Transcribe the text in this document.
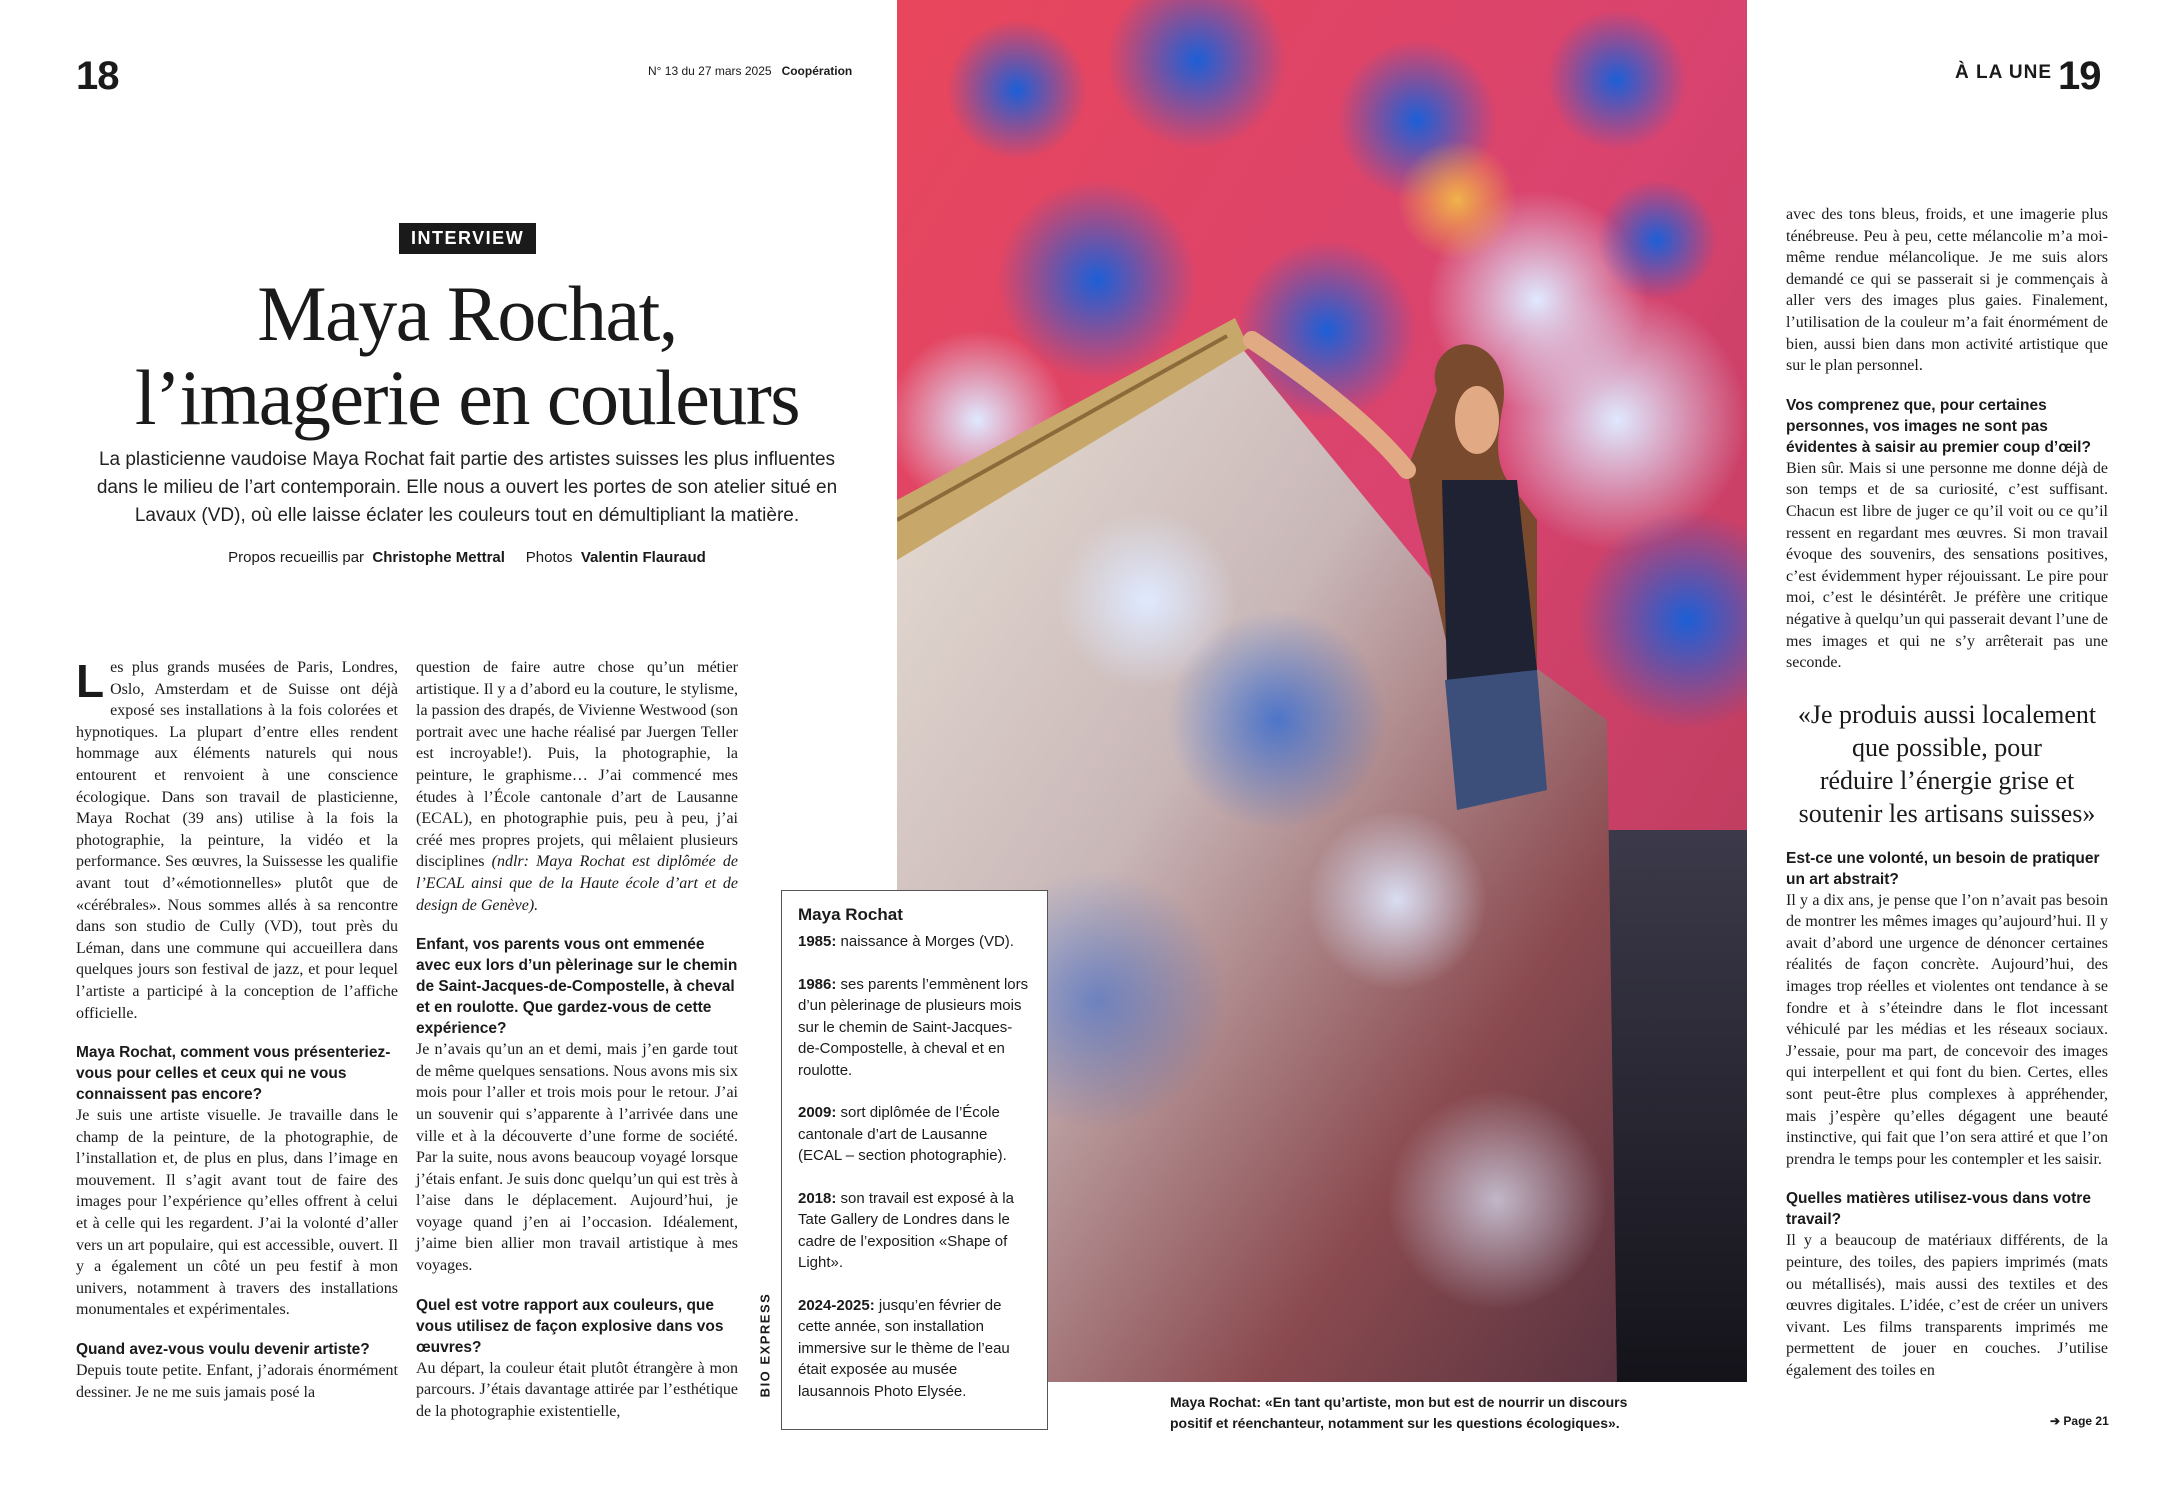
18	N° 13 du 27 mars 2025 Coopération	À LA UNE 19
INTERVIEW
Maya Rochat,
l’imagerie en couleurs
La plasticienne vaudoise Maya Rochat fait partie des artistes suisses les plus influentes
dans le milieu de l’art contemporain. Elle nous a ouvert les portes de son atelier situé en
Lavaux (VD), où elle laisse éclater les couleurs tout en démultipliant la matière.
Propos recueillis par Christophe Mettral Photos Valentin Flauraud

Les plus grands musées de Paris, Londres, Oslo, Amsterdam et de Suisse ont déjà exposé ses installations à la fois colorées et hypnotiques. La plupart d’entre elles rendent hommage aux éléments naturels qui nous entourent et renvoient à une conscience écologique. Dans son travail de plasticienne, Maya Rochat (39 ans) utilise à la fois la photographie, la peinture, la vidéo et la performance. Ses œuvres, la Suissesse les qualifie avant tout d’«émotionnelles» plutôt que de «cérébrales». Nous sommes allés à sa rencontre dans son studio de Cully (VD), tout près du Léman, dans une commune qui accueillera dans quelques jours son festival de jazz, et pour lequel l’artiste a participé à la conception de l’affiche officielle.

Maya Rochat, comment vous présenteriez-vous pour celles et ceux qui ne vous connaissent pas encore?

Je suis une artiste visuelle. Je travaille dans le champ de la peinture, de la photographie, de l’installation et, de plus en plus, dans l’image en mouvement. Il s’agit avant tout de faire des images pour l’expérience qu’elles offrent à celui et à celle qui les regardent. J’ai la volonté d’aller vers un art populaire, qui est accessible, ouvert. Il y a également un côté un peu festif à mon univers, notamment à travers des installations monumentales et expérimentales.

Quand avez-vous voulu devenir artiste?

Depuis toute petite. Enfant, j’adorais énormément dessiner. Je ne me suis jamais posé la

question de faire autre chose qu’un métier artistique. Il y a d’abord eu la couture, le stylisme, la passion des drapés, de Vivienne Westwood (son portrait avec une hache réalisé par Juergen Teller est incroyable!). Puis, la photographie, la peinture, le graphisme… J’ai commencé mes études à l’École cantonale d’art de Lausanne (ECAL), en photographie puis, peu à peu, j’ai créé mes propres projets, qui mêlaient plusieurs disciplines (ndlr: Maya Rochat est diplômée de l’ECAL ainsi que de la Haute école d’art et de design de Genève).

Enfant, vos parents vous ont emmenée avec eux lors d’un pèlerinage sur le chemin de Saint-Jacques-de-Compostelle, à cheval et en roulotte. Que gardez-vous de cette expérience?

Je n’avais qu’un an et demi, mais j’en garde tout de même quelques sensations. Nous avons mis six mois pour l’aller et trois mois pour le retour. J’ai un souvenir qui s’apparente à l’arrivée dans une ville et à la découverte d’une forme de société. Par la suite, nous avons beaucoup voyagé lorsque j’étais enfant. Je suis donc quelqu’un qui est très à l’aise dans le déplacement. Aujourd’hui, je voyage quand j’en ai l’occasion. Idéalement, j’aime bien allier mon travail artistique à mes voyages.

Quel est votre rapport aux couleurs, que vous utilisez de façon explosive dans vos œuvres?

Au départ, la couleur était plutôt étrangère à mon parcours. J’étais davantage attirée par l’esthétique de la photographie existentielle,

Maya Rochat: «En tant qu’artiste, mon but est de nourrir un discours
positif et réenchanteur, notamment sur les questions écologiques».
BIO EXPRESS
Maya Rochat
1985: naissance à Morges (VD).
1986: ses parents l’emmènent lors d’un pèlerinage de plusieurs mois sur le chemin de Saint-Jacques-de-Compostelle, à cheval et en roulotte.
2009: sort diplômée de l’École cantonale d’art de Lausanne (ECAL – section photographie).
2018: son travail est exposé à la Tate Gallery de Londres dans le cadre de l’exposition «Shape of Light».
2024-2025: jusqu’en février de cette année, son installation immersive sur le thème de l’eau était exposée au musée lausannois Photo Elysée.

avec des tons bleus, froids, et une imagerie plus ténébreuse. Peu à peu, cette mélancolie m’a moi-même rendue mélancolique. Je me suis alors demandé ce qui se passerait si je commençais à aller vers des images plus gaies. Finalement, l’utilisation de la couleur m’a fait énormément de bien, aussi bien dans mon activité artistique que sur le plan personnel.

Vos comprenez que, pour certaines personnes, vos images ne sont pas évidentes à saisir au premier coup d’œil?

Bien sûr. Mais si une personne me donne déjà de son temps et de sa curiosité, c’est suffisant. Chacun est libre de juger ce qu’il voit ou ce qu’il ressent en regardant mes œuvres. Si mon travail évoque des souvenirs, des sensations positives, c’est évidemment hyper réjouissant. Le pire pour moi, c’est le désintérêt. Je préfère une critique négative à quelqu’un qui passerait devant l’une de mes images et qui ne s’y arrêterait pas une seconde.

«Je produis aussi localement
que possible, pour
réduire l’énergie grise et
soutenir les artisans suisses»

Est-ce une volonté, un besoin de pratiquer un art abstrait?

Il y a dix ans, je pense que l’on n’avait pas besoin de montrer les mêmes images qu’aujourd’hui. Il y avait d’abord une urgence de dénoncer certaines réalités de façon concrète. Aujourd’hui, des images trop réelles et violentes ont tendance à se fondre et à s’éteindre dans le flot incessant véhiculé par les médias et les réseaux sociaux. J’essaie, pour ma part, de concevoir des images qui interpellent et qui font du bien. Certes, elles sont peut-être plus complexes à appréhender, mais j’espère qu’elles dégagent une beauté instinctive, qui fait que l’on sera attiré et que l’on prendra le temps pour les contempler et les saisir.

Quelles matières utilisez-vous dans votre travail?

Il y a beaucoup de matériaux différents, de la peinture, des toiles, des papiers imprimés (mats ou métallisés), mais aussi des textiles et des œuvres digitales. L’idée, c’est de créer un univers vivant. Les films transparents imprimés me permettent de jouer en couches. J’utilise également des toiles en

➔ Page 21
